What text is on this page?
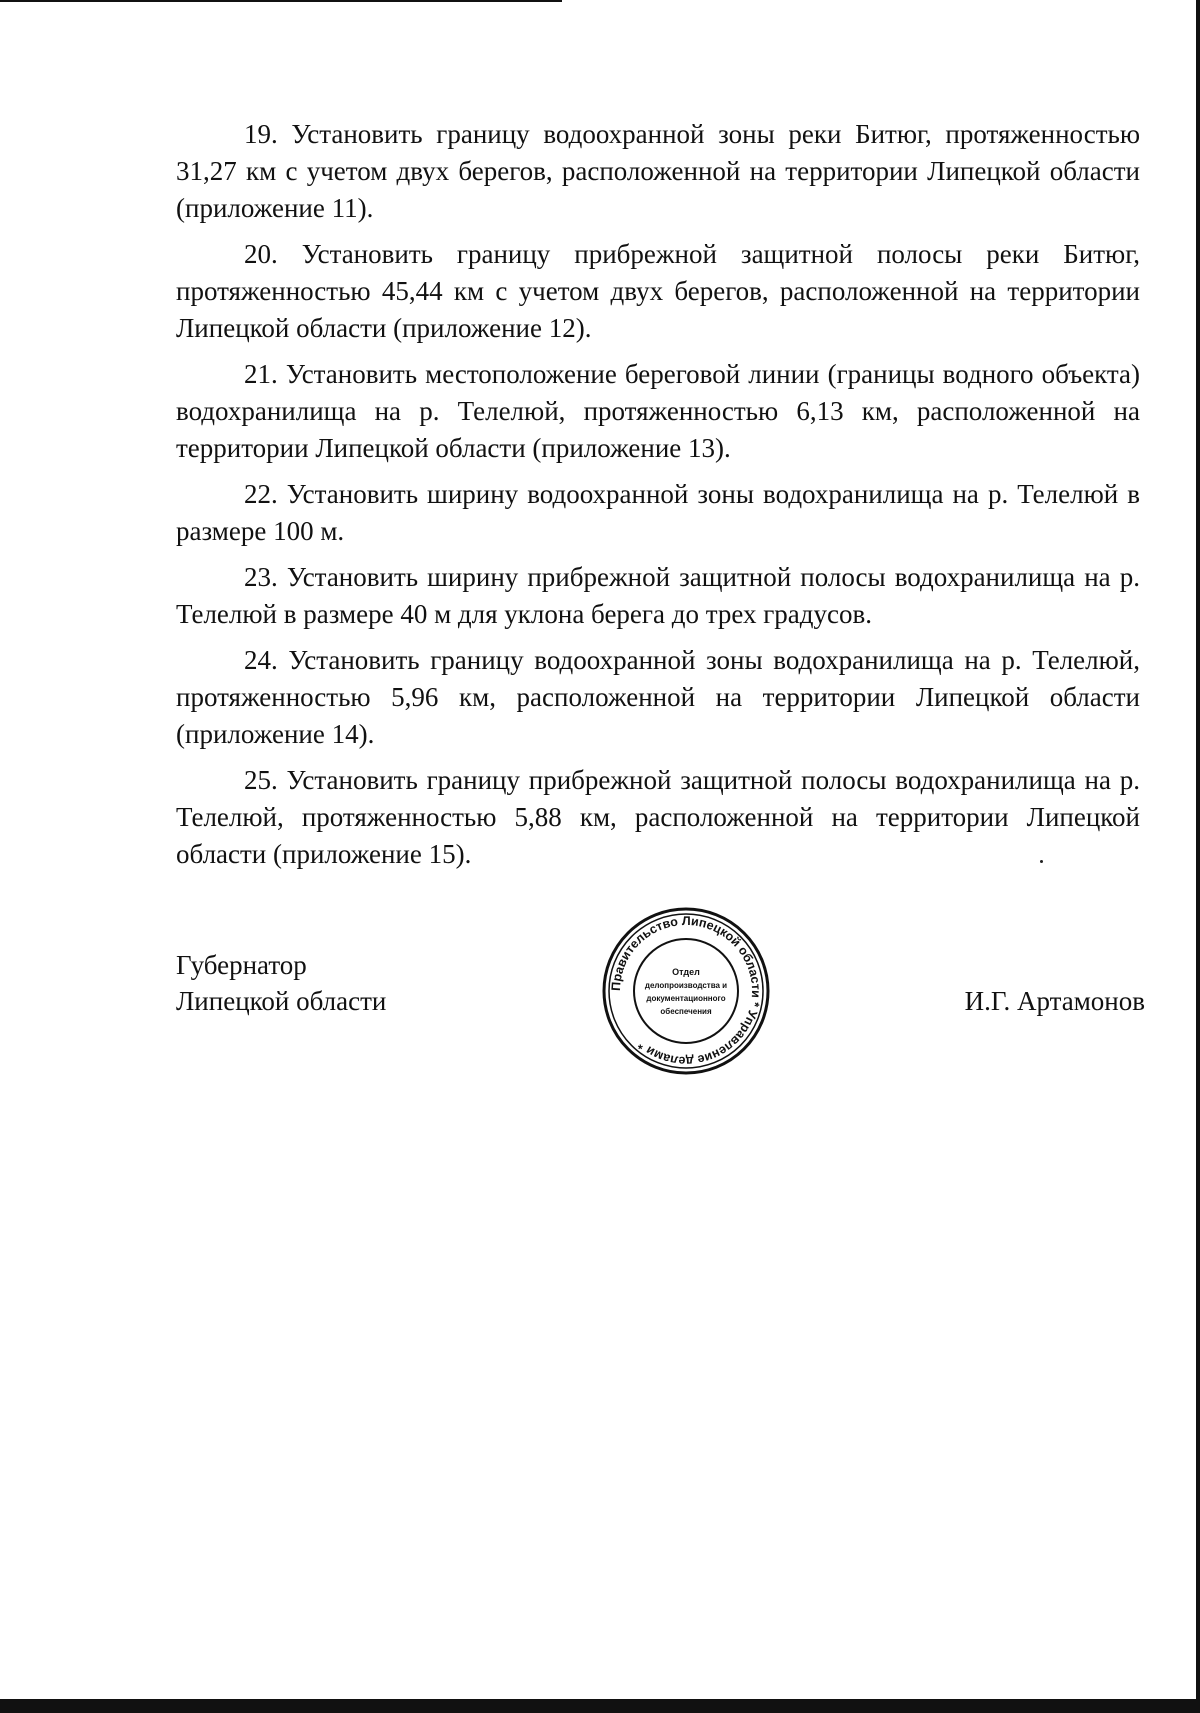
19. Установить границу водоохранной зоны реки Битюг, протяженностью 31,27 км с учетом двух берегов, расположенной на территории Липецкой области (приложение 11).

20. Установить границу прибрежной защитной полосы реки Битюг, протяженностью 45,44 км с учетом двух берегов, расположенной на территории Липецкой области (приложение 12).

21. Установить местоположение береговой линии (границы водного объекта) водохранилища на р. Телелюй, протяженностью 6,13 км, расположенной на территории Липецкой области (приложение 13).

22. Установить ширину водоохранной зоны водохранилища на р. Телелюй в размере 100 м.

23. Установить ширину прибрежной защитной полосы водохранилища на р. Телелюй в размере 40 м для уклона берега до трех градусов.

24. Установить границу водоохранной зоны водохранилища на р. Телелюй, протяженностью 5,96 км, расположенной на территории Липецкой области (приложение 14).

25. Установить границу прибрежной защитной полосы водохранилища на р. Телелюй, протяженностью 5,88 км, расположенной на территории Липецкой области (приложение 15).

Губернатор
Липецкой области	Правительство Липецкой области * Управление делами *
Отдел
делопроизводства и
документационного
обеспечения	И.Г. Артамонов
